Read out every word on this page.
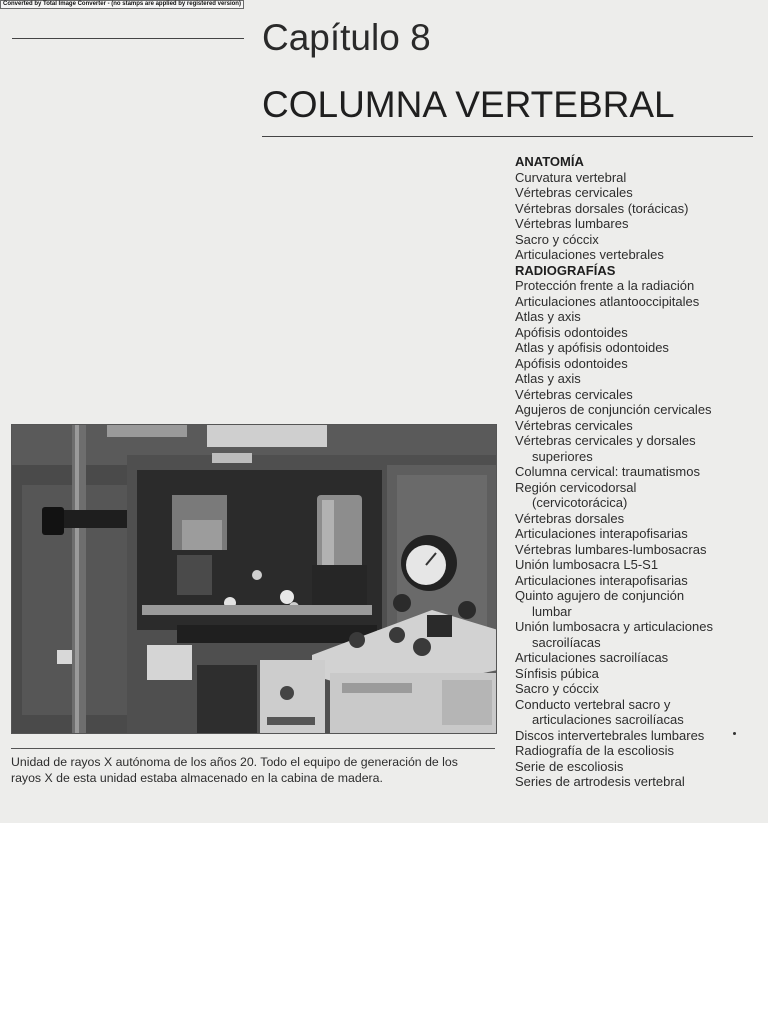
Converted by Total Image Converter - (no stamps are applied by registered version)
Capítulo 8
COLUMNA VERTEBRAL
ANATOMÍA
Curvatura vertebral
Vértebras cervicales
Vértebras dorsales (torácicas)
Vértebras lumbares
Sacro y cóccix
Articulaciones vertebrales
RADIOGRAFÍAS
Protección frente a la radiación
Articulaciones atlantooccipitales
Atlas y axis
Apófisis odontoides
Atlas y apófisis odontoides
Apófisis odontoides
Atlas y axis
Vértebras cervicales
Agujeros de conjunción cervicales
Vértebras cervicales
Vértebras cervicales y dorsales
superiores
Columna cervical: traumatismos
Región cervicodorsal
(cervicotorácica)
Vértebras dorsales
Articulaciones interapofisarias
Vértebras lumbares-lumbosacras
Unión lumbosacra L5-S1
Articulaciones interapofisarias
Quinto agujero de conjunción
lumbar
Unión lumbosacra y articulaciones
sacroilíacas
Articulaciones sacroilíacas
Sínfisis púbica
Sacro y cóccix
Conducto vertebral sacro y
articulaciones sacroilíacas
Discos intervertebrales lumbares
Radiografía de la escoliosis
Serie de escoliosis
Series de artrodesis vertebral
Unidad de rayos X autónoma de los años 20. Todo el equipo de generación de los
rayos X de esta unidad estaba almacenado en la cabina de madera.
